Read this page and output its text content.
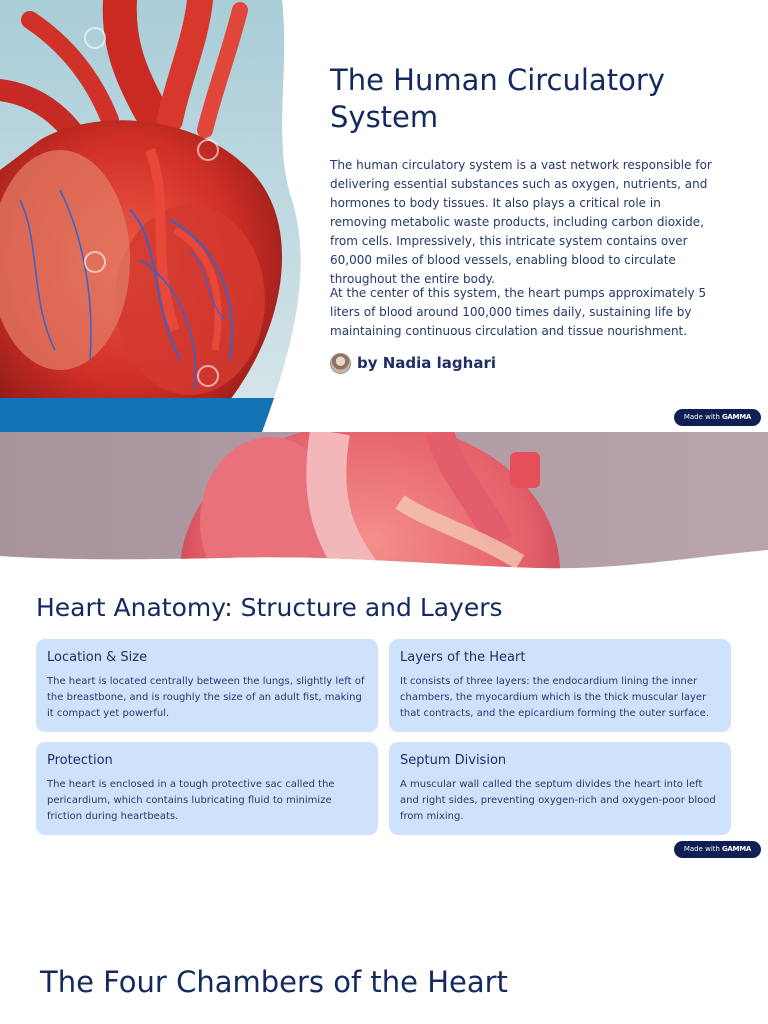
The Human Circulatory System

The human circulatory system is a vast network responsible for delivering essential substances such as oxygen, nutrients, and hormones to body tissues. It also plays a critical role in removing metabolic waste products, including carbon dioxide, from cells. Impressively, this intricate system contains over 60,000 miles of blood vessels, enabling blood to circulate throughout the entire body.

At the center of this system, the heart pumps approximately 5 liters of blood around 100,000 times daily, sustaining life by maintaining continuous circulation and tissue nourishment.

by Nadia laghari
Made with GAMMA
Heart Anatomy: Structure and Layers

Location & Size

The heart is located centrally between the lungs, slightly left of the breastbone, and is roughly the size of an adult fist, making it compact yet powerful.

Layers of the Heart

It consists of three layers: the endocardium lining the inner chambers, the myocardium which is the thick muscular layer that contracts, and the epicardium forming the outer surface.

Protection

The heart is enclosed in a tough protective sac called the pericardium, which contains lubricating fluid to minimize friction during heartbeats.

Septum Division

A muscular wall called the septum divides the heart into left and right sides, preventing oxygen-rich and oxygen-poor blood from mixing.

Made with GAMMA
The Four Chambers of the Heart
